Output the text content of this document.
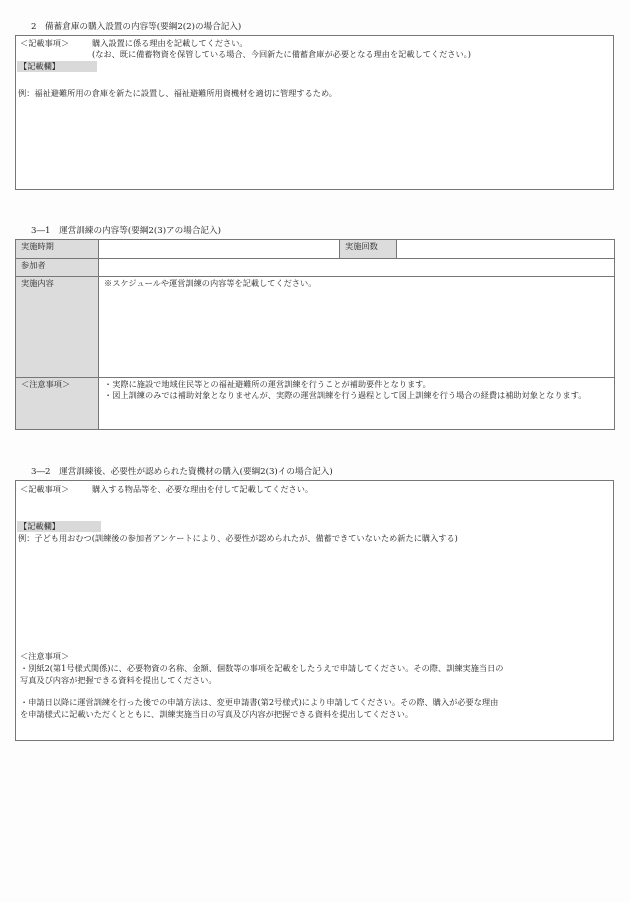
2　備蓄倉庫の購入設置の内容等(要綱2(2)の場合記入)
＜記載事項＞	購入設置に係る理由を記載してください。
(なお、既に備蓄物資を保管している場合、今回新たに備蓄倉庫が必要となる理由を記載してください。)
【記載欄】
例：福祉避難所用の倉庫を新たに設置し、福祉避難所用資機材を適切に管理するため。
3―1　運営訓練の内容等(要綱2(3)アの場合記入)
実施時期		実施回数	
参加者			
実施内容	※スケジュールや運営訓練の内容等を記載してください。		
＜注意事項＞	・実際に施設で地域住民等との福祉避難所の運営訓練を行うことが補助要件となります。
・図上訓練のみでは補助対象となりませんが、実際の運営訓練を行う過程として図上訓練を行う場合の経費は補助対象となります。		
3―2　運営訓練後、必要性が認められた資機材の購入(要綱2(3)イの場合記入)
＜記載事項＞	購入する物品等を、必要な理由を付して記載してください。
【記載欄】
例：子ども用おむつ(訓練後の参加者アンケートにより、必要性が認められたが、備蓄できていないため新たに購入する)
＜注意事項＞
・別紙2(第1号様式関係)に、必要物資の名称、金額、個数等の事項を記載をしたうえで申請してください。その際、訓練実施当日の
写真及び内容が把握できる資料を提出してください。
・申請日以降に運営訓練を行った後での申請方法は、変更申請書(第2号様式)により申請してください。その際、購入が必要な理由
を申請様式に記載いただくとともに、訓練実施当日の写真及び内容が把握できる資料を提出してください。
